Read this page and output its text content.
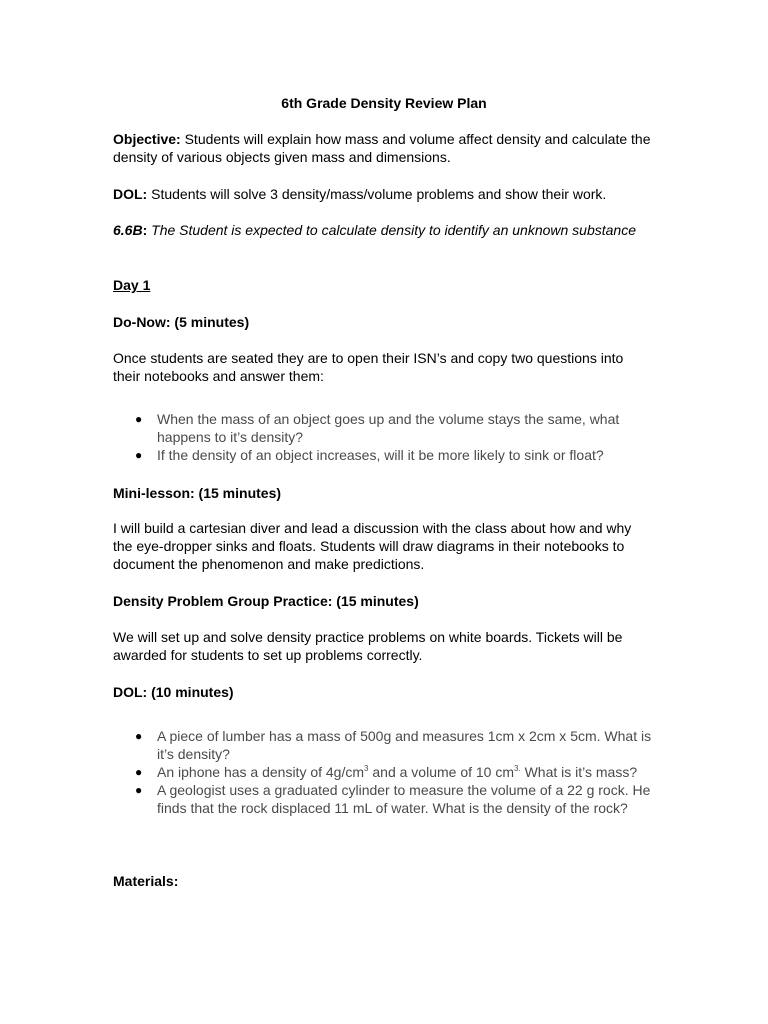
6th Grade Density Review Plan

Objective: Students will explain how mass and volume affect density and calculate the density of various objects given mass and dimensions.

DOL: Students will solve 3 density/mass/volume problems and show their work.

6.6B: The Student is expected to calculate density to identify an unknown substance

Day 1

Do-Now: (5 minutes)

Once students are seated they are to open their ISN’s and copy two questions into their notebooks and answer them:

● When the mass of an object goes up and the volume stays the same, what happens to it’s density?
● If the density of an object increases, will it be more likely to sink or float?

Mini-lesson: (15 minutes)

I will build a cartesian diver and lead a discussion with the class about how and why the eye-dropper sinks and floats. Students will draw diagrams in their notebooks to document the phenomenon and make predictions.

Density Problem Group Practice: (15 minutes)

We will set up and solve density practice problems on white boards. Tickets will be awarded for students to set up problems correctly.

DOL: (10 minutes)

● A piece of lumber has a mass of 500g and measures 1cm x 2cm x 5cm. What is it’s density?
● An iphone has a density of $4g/cm^3$ and a volume of 10 $cm^{3.}$ What is it’s mass?
● A geologist uses a graduated cylinder to measure the volume of a 22 g rock. He finds that the rock displaced 11 mL of water. What is the density of the rock?

Materials:
